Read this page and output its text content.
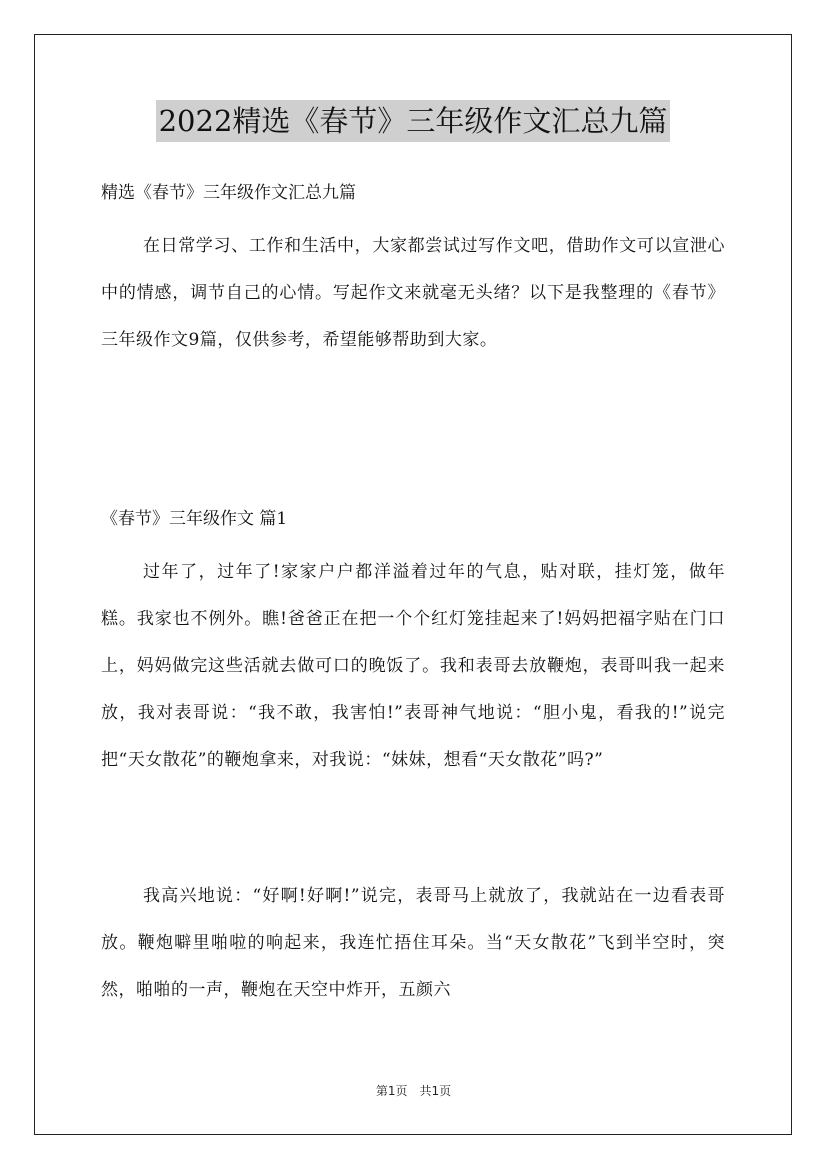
2022精选《春节》三年级作文汇总九篇
精选《春节》三年级作文汇总九篇

在日常学习、工作和生活中，大家都尝试过写作文吧，借助作文可以宣泄心中的情感，调节自己的心情。写起作文来就毫无头绪？以下是我整理的《春节》三年级作文9篇，仅供参考，希望能够帮助到大家。

《春节》三年级作文 篇1

过年了，过年了!家家户户都洋溢着过年的气息，贴对联，挂灯笼，做年糕。我家也不例外。瞧!爸爸正在把一个个红灯笼挂起来了!妈妈把福字贴在门口上，妈妈做完这些活就去做可口的晚饭了。我和表哥去放鞭炮，表哥叫我一起来放，我对表哥说：“我不敢，我害怕!”表哥神气地说：“胆小鬼，看我的!”说完把“天女散花”的鞭炮拿来，对我说：“妹妹，想看“天女散花”吗?”

我高兴地说：“好啊!好啊!”说完，表哥马上就放了，我就站在一边看表哥放。鞭炮噼里啪啦的响起来，我连忙捂住耳朵。当“天女散花”飞到半空时，突然，啪啪的一声，鞭炮在天空中炸开，五颜六

第1页　共1页
